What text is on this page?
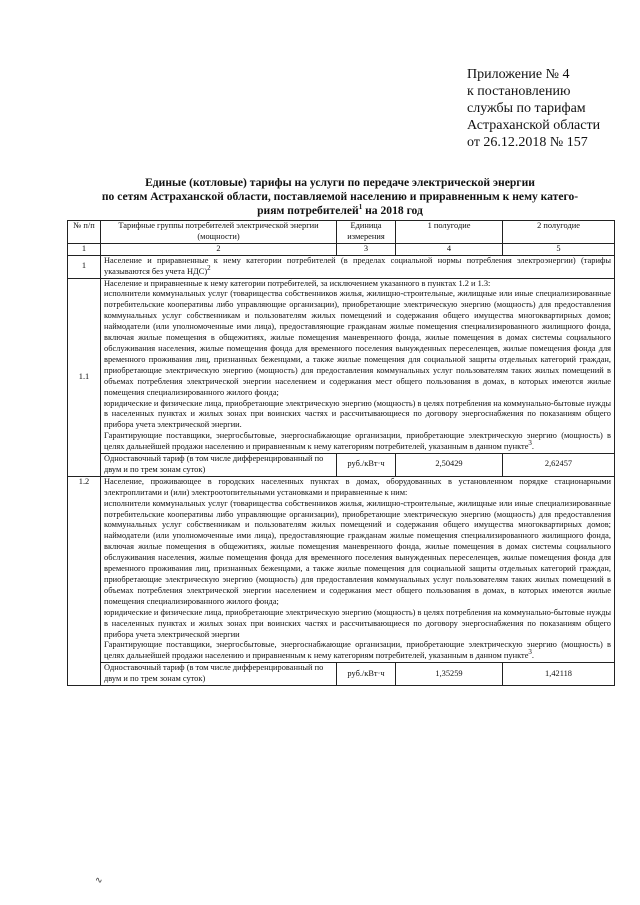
Приложение № 4
к постановлению
службы по тарифам
Астраханской области
от 26.12.2018 № 157
Единые (котловые) тарифы на услуги по передаче электрической энергии
по сетям Астраханской области, поставляемой населению и приравненным к нему катего-
риям потребителей$^1$ на 2018 год
№ п/п	Тарифные группы потребителей электрической энергии (мощности)	Единица измерения	1 полугодие	2 полугодие
1	2	3	4	5
1	Население и приравненные к нему категории потребителей (в пределах социальной нормы потребления электроэнергии) (тарифы указываются без учета НДС)$^2$
1.1	Население и приравненные к нему категории потребителей, за исключением указанного в пунктах 1.2 и 1.3:

исполнители коммунальных услуг (товарищества собственников жилья, жилищно-строительные, жилищные или иные специализированные потребительские кооперативы либо управляющие организации), приобретающие электрическую энергию (мощность) для предоставления коммунальных услуг собственникам и пользователям жилых помещений и содержания общего имущества многоквартирных домов; наймодатели (или уполномоченные ими лица), предоставляющие гражданам жилые помещения специализированного жилищного фонда, включая жилые помещения в общежитиях, жилые помещения маневренного фонда, жилые помещения в домах системы социального обслуживания населения, жилые помещения фонда для временного поселения вынужденных переселенцев, жилые помещения фонда для временного проживания лиц, признанных беженцами, а также жилые помещения для социальной защиты отдельных категорий граждан, приобретающие электрическую энергию (мощность) для предоставления коммунальных услуг пользователям таких жилых помещений в объемах потребления электрической энергии населением и содержания мест общего пользования в домах, в которых имеются жилые помещения специализированного жилого фонда;

юридические и физические лица, приобретающие электрическую энергию (мощность) в целях потребления на коммунально-бытовые нужды в населенных пунктах и жилых зонах при воинских частях и рассчитывающиеся по договору энергоснабжения по показаниям общего прибора учета электрической энергии.

Гарантирующие поставщики, энергосбытовые, энергоснабжающие организации, приобретающие электрическую энергию (мощность) в целях дальнейшей продажи населению и приравненным к нему категориям потребителей, указанным в данном пункте$^3$.			

	Одноставочный тариф (в том числе дифференцированный по двум и по трем зонам суток)	руб./кВт·ч	2,50429	2,62457
1.2	Население, проживающее в городских населенных пунктах в домах, оборудованных в установленном порядке стационарными электроплитами и (или) электроотопительными установками и приравненные к ним:

исполнители коммунальных услуг (товарищества собственников жилья, жилищно-строительные, жилищные или иные специализированные потребительские кооперативы либо управляющие организации), приобретающие электрическую энергию (мощность) для предоставления коммунальных услуг собственникам и пользователям жилых помещений и содержания общего имущества многоквартирных домов; наймодатели (или уполномоченные ими лица), предоставляющие гражданам жилые помещения специализированного жилищного фонда, включая жилые помещения в общежитиях, жилые помещения маневренного фонда, жилые помещения в домах системы социального обслуживания населения, жилые помещения фонда для временного поселения вынужденных переселенцев, жилые помещения фонда для временного проживания лиц, признанных беженцами, а также жилые помещения для социальной защиты отдельных категорий граждан, приобретающие электрическую энергию (мощность) для предоставления коммунальных услуг пользователям таких жилых помещений в объемах потребления электрической энергии населением и содержания мест общего пользования в домах, в которых имеются жилые помещения специализированного жилого фонда;

юридические и физические лица, приобретающие электрическую энергию (мощность) в целях потребления на коммунально-бытовые нужды в населенных пунктах и жилых зонах при воинских частях и рассчитывающиеся по договору энергоснабжения по показаниям общего прибора учета электрической энергии

Гарантирующие поставщики, энергосбытовые, энергоснабжающие организации, приобретающие электрическую энергию (мощность) в целях дальнейшей продажи населению и приравненным к нему категориям потребителей, указанным в данном пункте$^3$.			

	Одноставочный тариф (в том числе дифференцированный по двум и по трем зонам суток)	руб./кВт·ч	1,35259	1,42118
∿
